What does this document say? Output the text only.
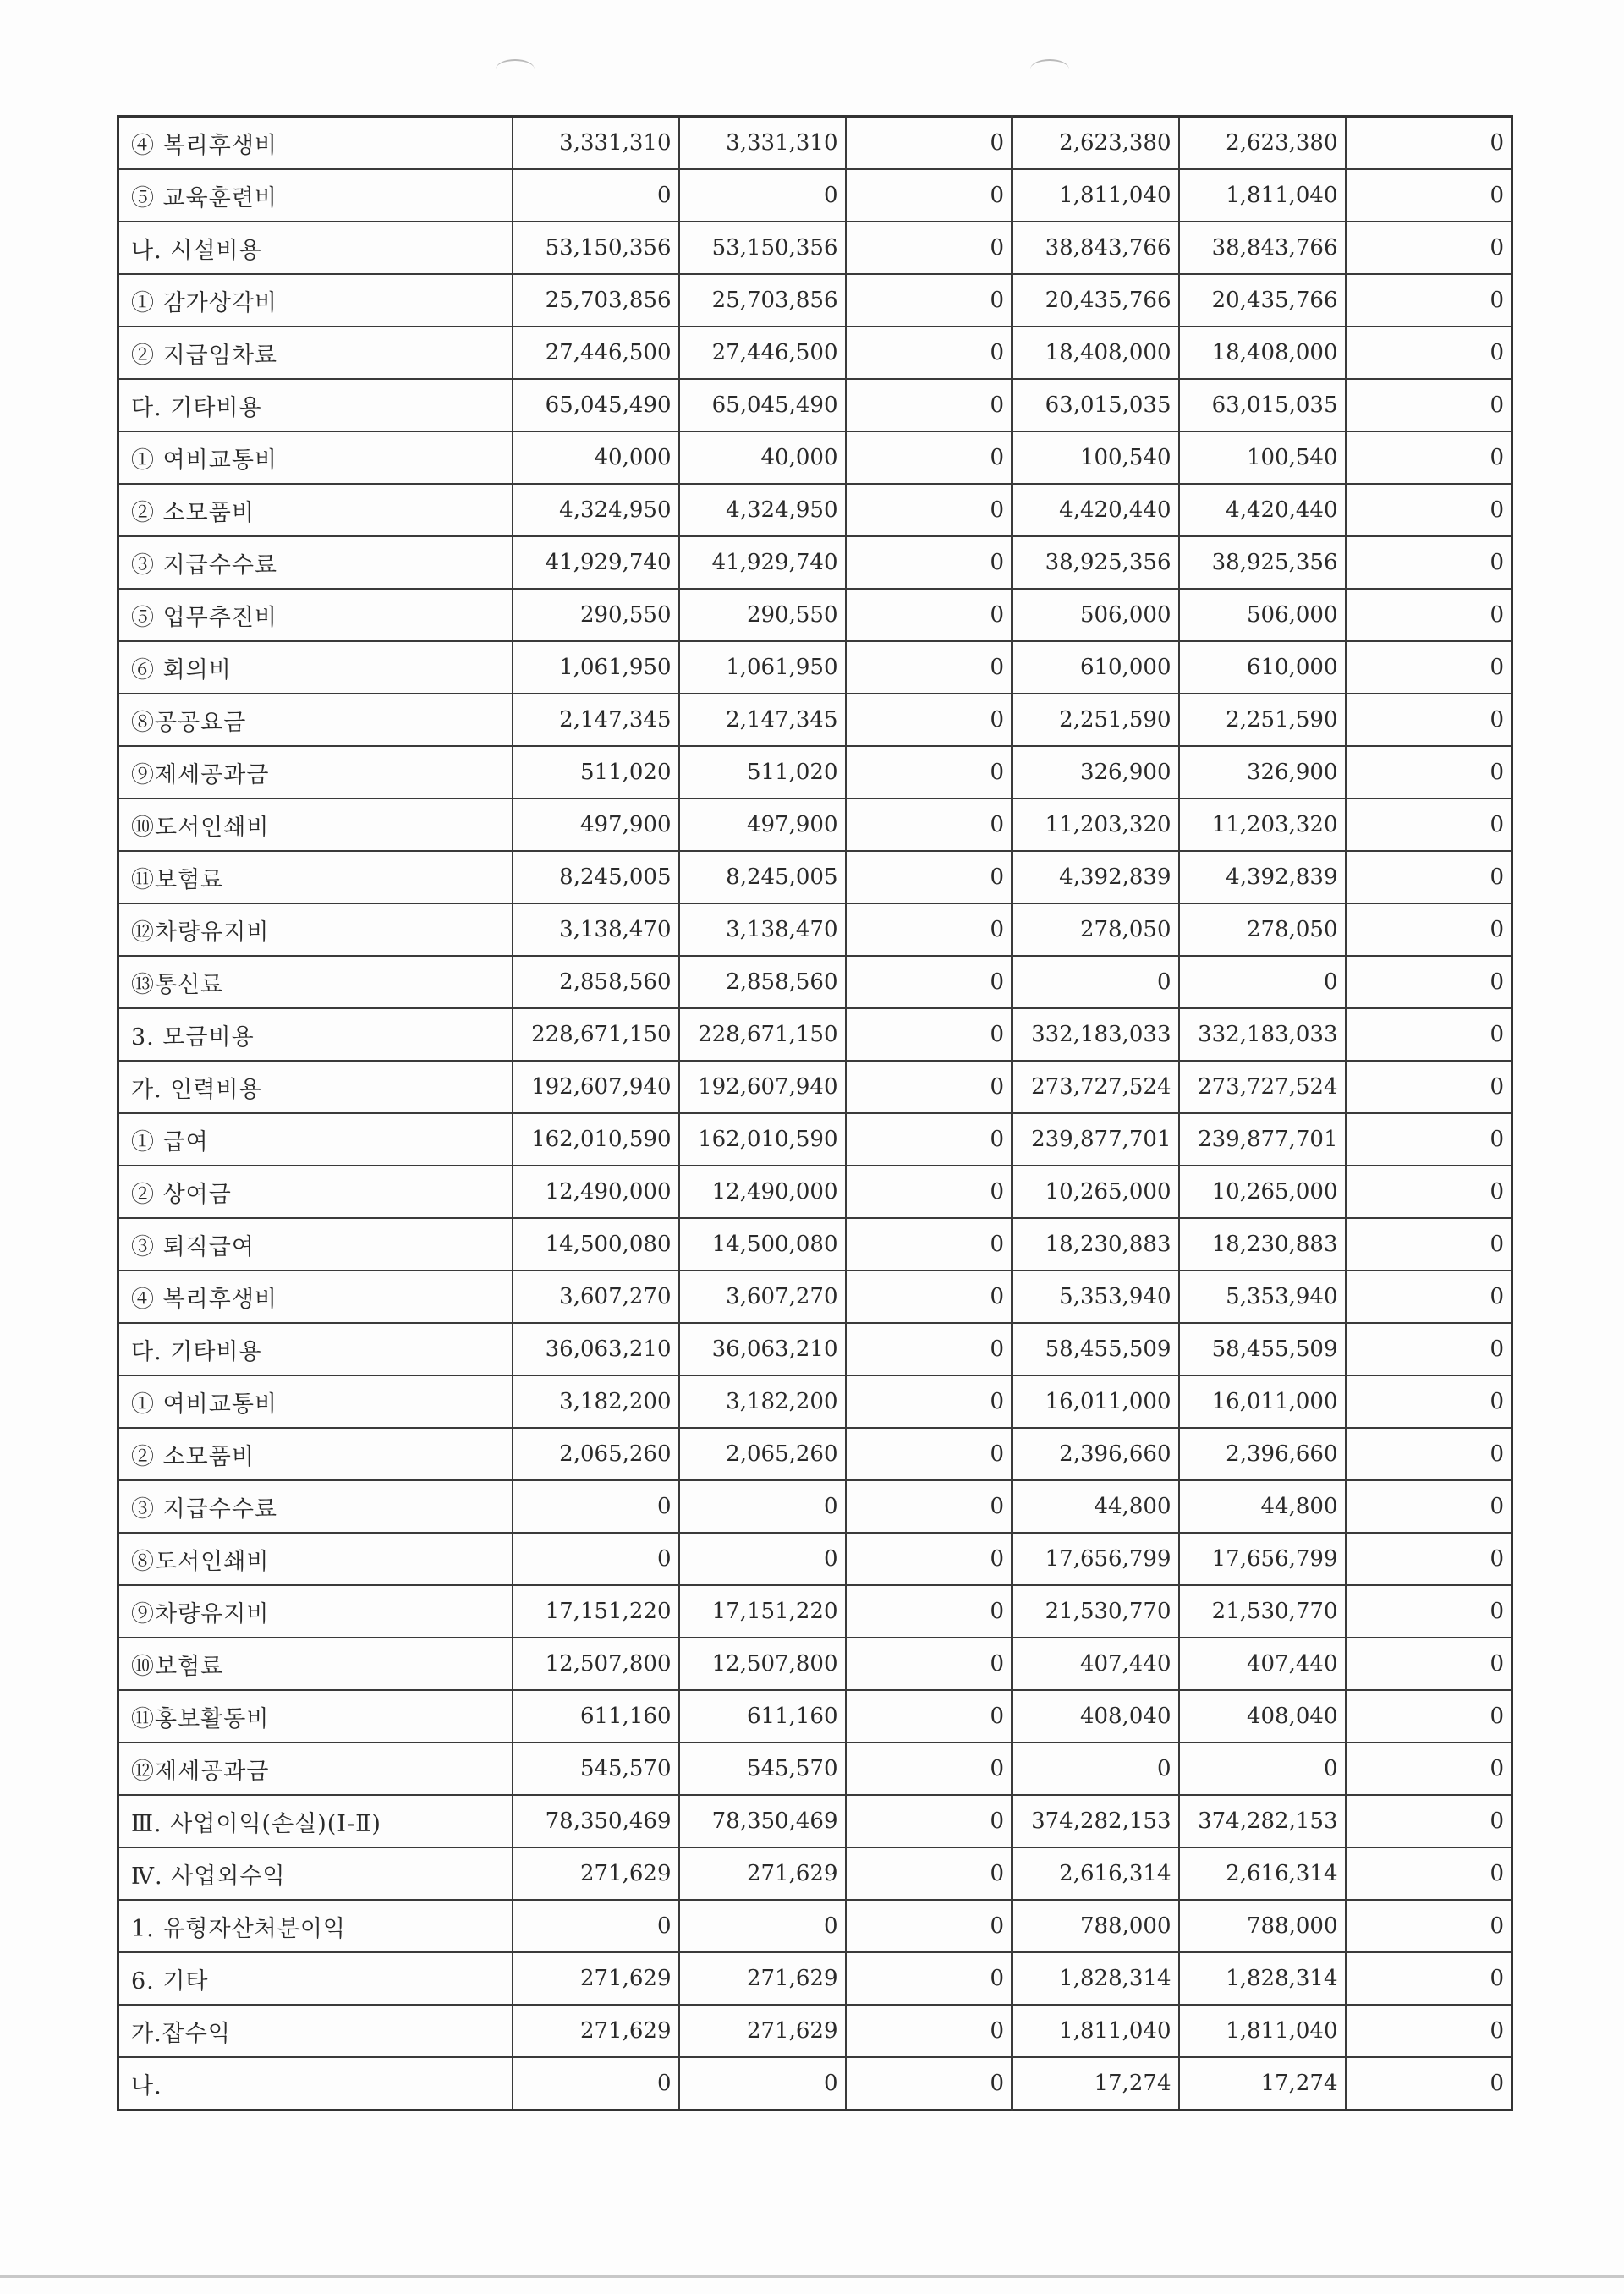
④ 복리후생비	3,331,310	3,331,310	0	2,623,380	2,623,380	0
⑤ 교육훈련비	0	0	0	1,811,040	1,811,040	0
나. 시설비용	53,150,356	53,150,356	0	38,843,766	38,843,766	0
① 감가상각비	25,703,856	25,703,856	0	20,435,766	20,435,766	0
② 지급임차료	27,446,500	27,446,500	0	18,408,000	18,408,000	0
다. 기타비용	65,045,490	65,045,490	0	63,015,035	63,015,035	0
① 여비교통비	40,000	40,000	0	100,540	100,540	0
② 소모품비	4,324,950	4,324,950	0	4,420,440	4,420,440	0
③ 지급수수료	41,929,740	41,929,740	0	38,925,356	38,925,356	0
⑤ 업무추진비	290,550	290,550	0	506,000	506,000	0
⑥ 회의비	1,061,950	1,061,950	0	610,000	610,000	0
⑧공공요금	2,147,345	2,147,345	0	2,251,590	2,251,590	0
⑨제세공과금	511,020	511,020	0	326,900	326,900	0
⑩도서인쇄비	497,900	497,900	0	11,203,320	11,203,320	0
⑪보험료	8,245,005	8,245,005	0	4,392,839	4,392,839	0
⑫차량유지비	3,138,470	3,138,470	0	278,050	278,050	0
⑬통신료	2,858,560	2,858,560	0	0	0	0
3. 모금비용	228,671,150	228,671,150	0	332,183,033	332,183,033	0
가. 인력비용	192,607,940	192,607,940	0	273,727,524	273,727,524	0
① 급여	162,010,590	162,010,590	0	239,877,701	239,877,701	0
② 상여금	12,490,000	12,490,000	0	10,265,000	10,265,000	0
③ 퇴직급여	14,500,080	14,500,080	0	18,230,883	18,230,883	0
④ 복리후생비	3,607,270	3,607,270	0	5,353,940	5,353,940	0
다. 기타비용	36,063,210	36,063,210	0	58,455,509	58,455,509	0
① 여비교통비	3,182,200	3,182,200	0	16,011,000	16,011,000	0
② 소모품비	2,065,260	2,065,260	0	2,396,660	2,396,660	0
③ 지급수수료	0	0	0	44,800	44,800	0
⑧도서인쇄비	0	0	0	17,656,799	17,656,799	0
⑨차량유지비	17,151,220	17,151,220	0	21,530,770	21,530,770	0
⑩보험료	12,507,800	12,507,800	0	407,440	407,440	0
⑪홍보활동비	611,160	611,160	0	408,040	408,040	0
⑫제세공과금	545,570	545,570	0	0	0	0
Ⅲ. 사업이익(손실)(Ⅰ-Ⅱ)	78,350,469	78,350,469	0	374,282,153	374,282,153	0
Ⅳ. 사업외수익	271,629	271,629	0	2,616,314	2,616,314	0
1. 유형자산처분이익	0	0	0	788,000	788,000	0
6. 기타	271,629	271,629	0	1,828,314	1,828,314	0
가.잡수익	271,629	271,629	0	1,811,040	1,811,040	0
나.	0	0	0	17,274	17,274	0
